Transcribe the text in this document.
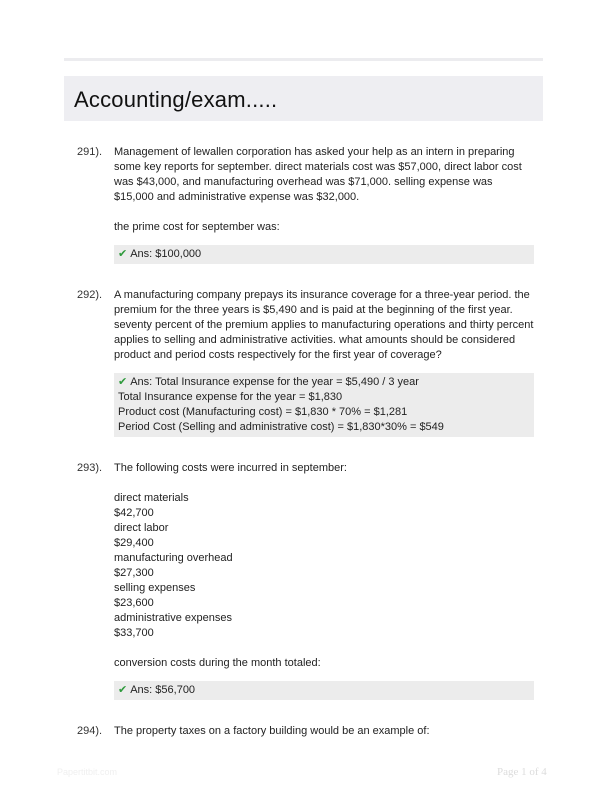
Accounting/exam.....
291). Management of lewallen corporation has asked your help as an intern in preparing some key reports for september. direct materials cost was $57,000, direct labor cost was $43,000, and manufacturing overhead was $71,000. selling expense was $15,000 and administrative expense was $32,000.

the prime cost for september was:

✔ Ans: $100,000
292). A manufacturing company prepays its insurance coverage for a three-year period. the premium for the three years is $5,490 and is paid at the beginning of the first year. seventy percent of the premium applies to manufacturing operations and thirty percent applies to selling and administrative activities. what amounts should be considered product and period costs respectively for the first year of coverage?

✔ Ans: Total Insurance expense for the year = $5,490 / 3 year
Total Insurance expense for the year = $1,830
Product cost (Manufacturing cost) = $1,830 * 70% = $1,281
Period Cost (Selling and administrative cost) = $1,830*30% = $549
293). The following costs were incurred in september:

direct materials
$42,700
direct labor
$29,400
manufacturing overhead
$27,300
selling expenses
$23,600
administrative expenses
$33,700

conversion costs during the month totaled:

✔ Ans: $56,700
294). The property taxes on a factory building would be an example of:

Papertitbit.com	Page 1 of 4
